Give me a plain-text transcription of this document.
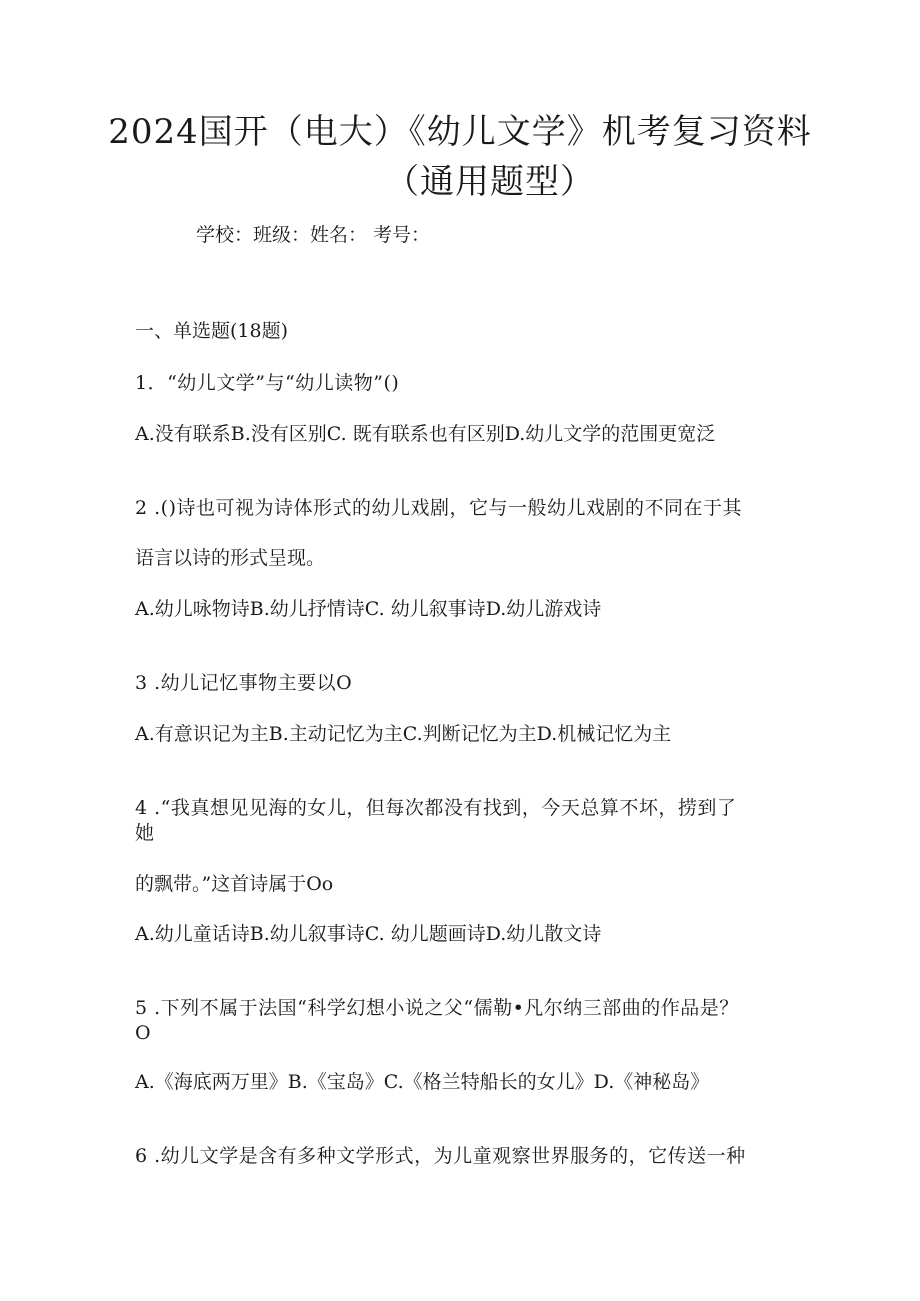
2024国开（电大）《幼儿文学》机考复习资料
（通用题型）
学校：班级：姓名： 考号：
一、单选题(18题)
1．“幼儿文学”与“幼儿读物”()
A.没有联系B.没有区别C. 既有联系也有区别D.幼儿文学的范围更宽泛
2 .()诗也可视为诗体形式的幼儿戏剧，它与一般幼儿戏剧的不同在于其
语言以诗的形式呈现。
A.幼儿咏物诗B.幼儿抒情诗C. 幼儿叙事诗D.幼儿游戏诗
3 .幼儿记忆事物主要以O
A.有意识记为主B.主动记忆为主C.判断记忆为主D.机械记忆为主
4 .“我真想见见海的女儿，但每次都没有找到，今天总算不坏，捞到了
她
的飘带。”这首诗属于Oo
A.幼儿童话诗B.幼儿叙事诗C. 幼儿题画诗D.幼儿散文诗
5 .下列不属于法国“科学幻想小说之父“儒勒•凡尔纳三部曲的作品是？
O
A.《海底两万里》B.《宝岛》C.《格兰特船长的女儿》D.《神秘岛》
6 .幼儿文学是含有多种文学形式，为儿童观察世界服务的，它传送一种
